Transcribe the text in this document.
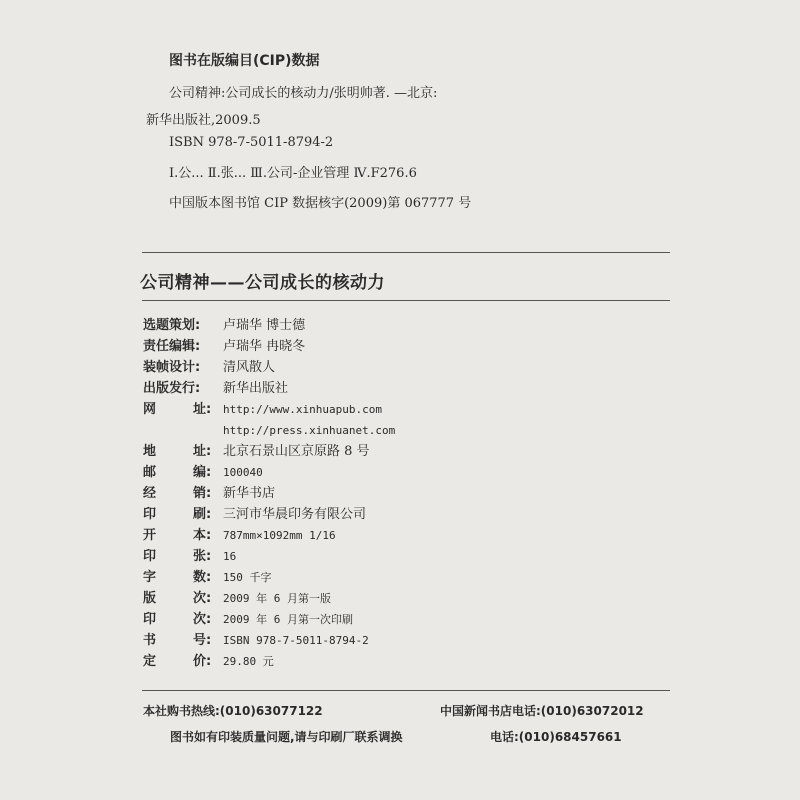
图书在版编目(CIP)数据
公司精神:公司成长的核动力/张明帅著. —北京:
新华出版社,2009.5
ISBN 978-7-5011-8794-2
Ⅰ.公... Ⅱ.张... Ⅲ.公司-企业管理 Ⅳ.F276.6
中国版本图书馆 CIP 数据核字(2009)第 067777 号
公司精神——公司成长的核动力
选题策划: 卢瑞华 博士德
责任编辑: 卢瑞华 冉晓冬
装帧设计: 清风散人
出版发行: 新华出版社
网	址: http://www.xinhuapub.com
http://press.xinhuanet.com
地	址: 北京石景山区京原路 8 号
邮	编: 100040
经	销: 新华书店
印	刷: 三河市华晨印务有限公司
开	本: 787mm×1092mm 1/16
印	张: 16
字	数: 150 千字
版	次: 2009 年 6 月第一版
印	次: 2009 年 6 月第一次印刷
书	号: ISBN 978-7-5011-8794-2
定	价: 29.80 元
本社购书热线:(010)63077122	中国新闻书店电话:(010)63072012
图书如有印装质量问题,请与印刷厂联系调换	电话:(010)68457661
